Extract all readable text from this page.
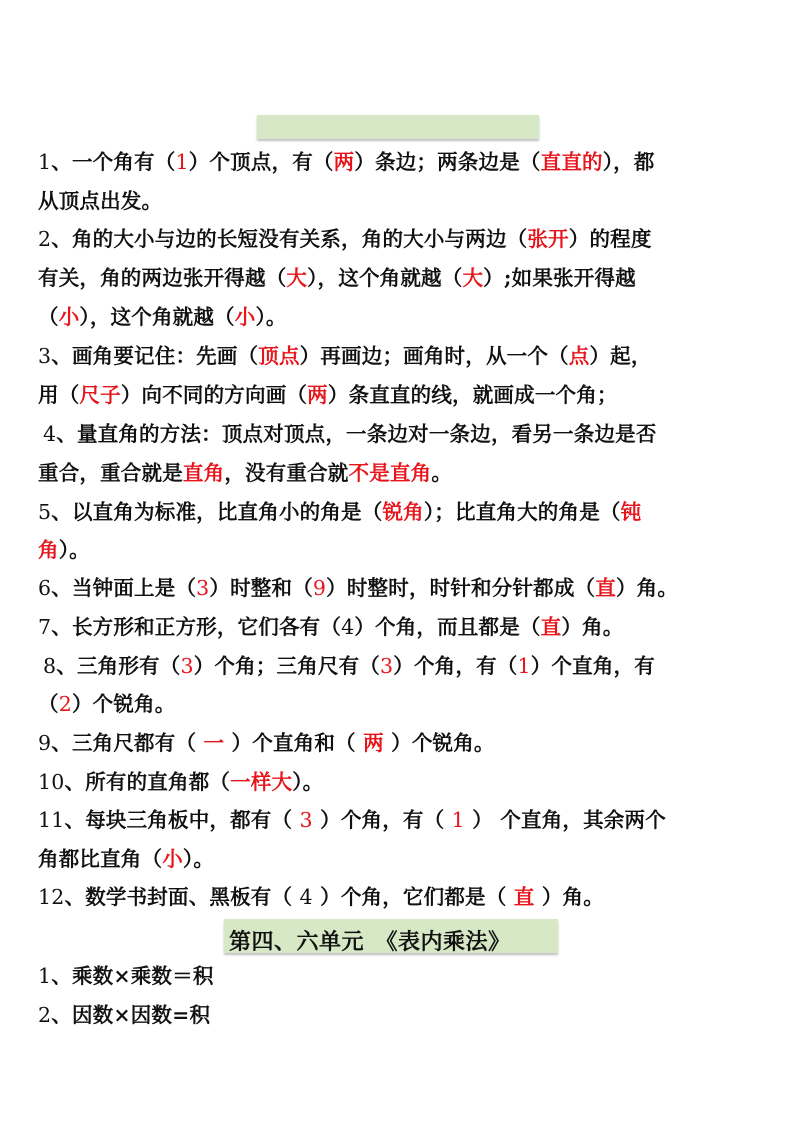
1、一个角有（1）个顶点，有（两）条边；两条边是（直直的），都
从顶点出发。
2、角的大小与边的长短没有关系，角的大小与两边（张开）的程度
有关，角的两边张开得越（大），这个角就越（大）;如果张开得越
（小），这个角就越（小）。
3、画角要记住：先画（顶点）再画边；画角时，从一个（点）起，
用（尺子）向不同的方向画（两）条直直的线，就画成一个角；
4、量直角的方法：顶点对顶点，一条边对一条边，看另一条边是否
重合，重合就是直角，没有重合就不是直角。
5、以直角为标准，比直角小的角是（锐角）；比直角大的角是（钝
角）。
6、当钟面上是（3）时整和（9）时整时，时针和分针都成（直）角。
7、长方形和正方形，它们各有（4）个角，而且都是（直）角。
8、三角形有（3）个角；三角尺有（3）个角，有（1）个直角，有
（2）个锐角。
9、三角尺都有（ 一 ）个直角和（ 两 ）个锐角。
10、所有的直角都（一样大）。
11、每块三角板中，都有（ 3 ）个角，有（ 1 ） 个直角，其余两个
角都比直角（小）。
12、数学书封面、黑板有（ 4 ）个角，它们都是（ 直 ）角。
第四、六单元　《表内乘法》
1、乘数×乘数＝积
2、因数×因数=积
